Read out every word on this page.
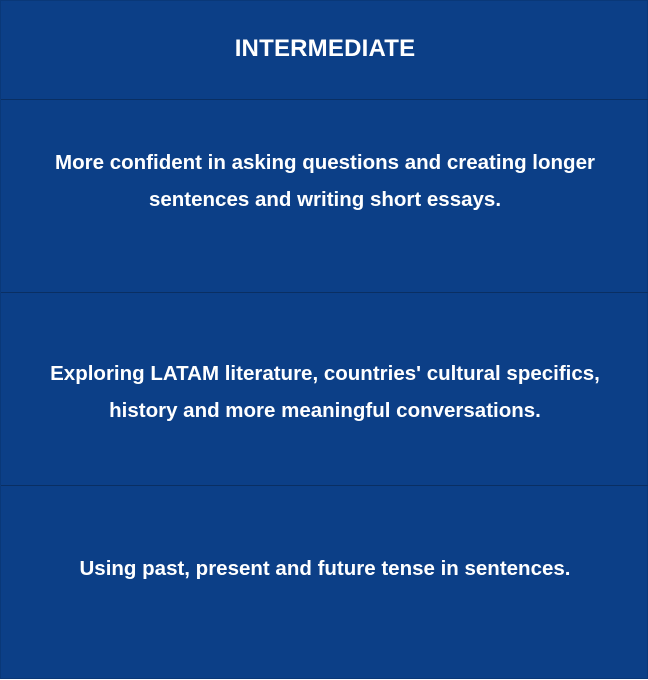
INTERMEDIATE
More confident in asking questions and creating longer
sentences and writing short essays.
Exploring LATAM literature, countries' cultural specifics,
history and more meaningful conversations.
Using past, present and future tense in sentences.
